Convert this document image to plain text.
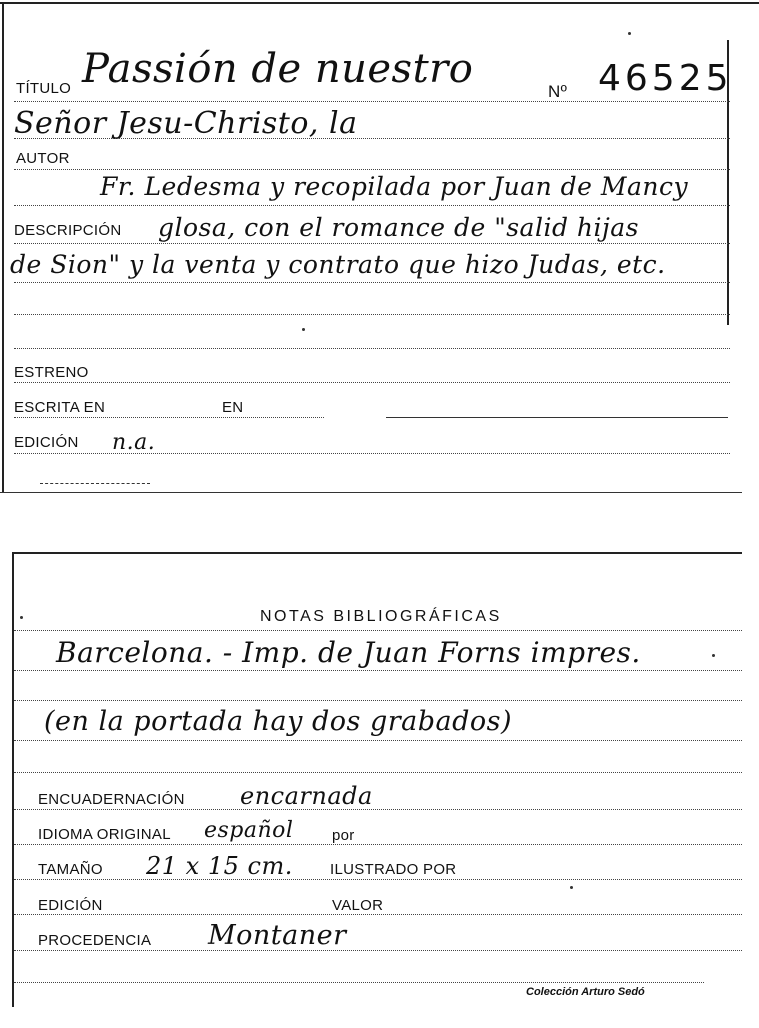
TÍTULO Passión de nuestro	Nº 46525
Señor Jesu-Christo, la
AUTOR
Fr. Ledesma y recopilada por Juan de Mancy
DESCRIPCIÓN glosa, con el romance de "salid hijas
de Sion" y la venta y contrato que hizo Judas, etc.
ESTRENO
ESCRITA EN	EN
EDICIÓN n.a.
NOTAS BIBLIOGRÁFICAS
Barcelona. - Imp. de Juan Forns impres.
(en la portada hay dos grabados)
ENCUADERNACIÓN encarnada
IDIOMA ORIGINAL español	por
TAMAÑO 21 x 15 cm. ILUSTRADO POR
EDICIÓN	VALOR
PROCEDENCIA Montaner
Colección Arturo Sedó
